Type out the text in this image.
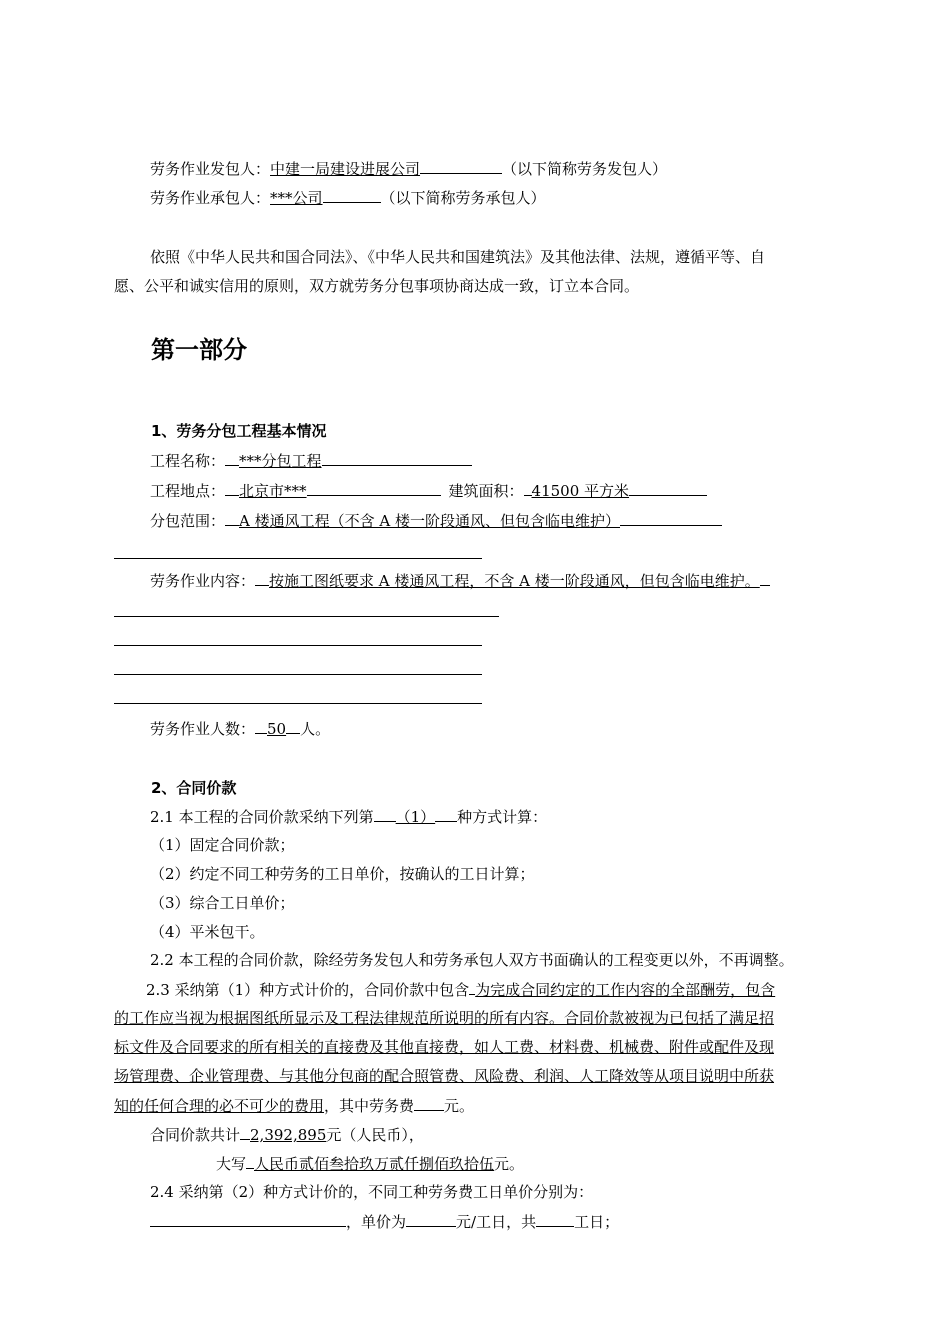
劳务作业发包人：中建一局建设进展公司	（以下简称劳务发包人）
劳务作业承包人：***公司	（以下简称劳务承包人）
依照《中华人民共和国合同法》、《中华人民共和国建筑法》及其他法律、法规，遵循平等、自
愿、公平和诚实信用的原则，双方就劳务分包事项协商达成一致，订立本合同。
第一部分
1、劳务分包工程基本情况
工程名称： ***分包工程
工程地点： 北京市***	建筑面积： 41500 平方米
分包范围： A 楼通风工程（不含 A 楼一阶段通风、但包含临电维护）
劳务作业内容： 按施工图纸要求 A 楼通风工程，不含 A 楼一阶段通风，但包含临电维护。
劳务作业人数： 50 人。
2、合同价款
2.1 本工程的合同价款采纳下列第 （1） 种方式计算：
（1）固定合同价款；
（2）约定不同工种劳务的工日单价，按确认的工日计算；
（3）综合工日单价；
（4）平米包干。
2.2 本工程的合同价款，除经劳务发包人和劳务承包人双方书面确认的工程变更以外，不再调整。
2.3 采纳第（1）种方式计价的，合同价款中包含 为完成合同约定的工作内容的全部酬劳，包含
的工作应当视为根据图纸所显示及工程法律规范所说明的所有内容。合同价款被视为已包括了满足招
标文件及合同要求的所有相关的直接费及其他直接费，如人工费、材料费、机械费、附件或配件及现
场管理费、企业管理费、与其他分包商的配合照管费、风险费、利润、人工降效等从项目说明中所获
知的任何合理的必不可少的费用，其中劳务费 元。
合同价款共计 2,392,895元（人民币），
大写 人民币贰佰叁拾玖万贰仟捌佰玖拾伍元。
2.4 采纳第（2）种方式计价的，不同工种劳务费工日单价分别为：
，单价为	元/工日，共	工日；
